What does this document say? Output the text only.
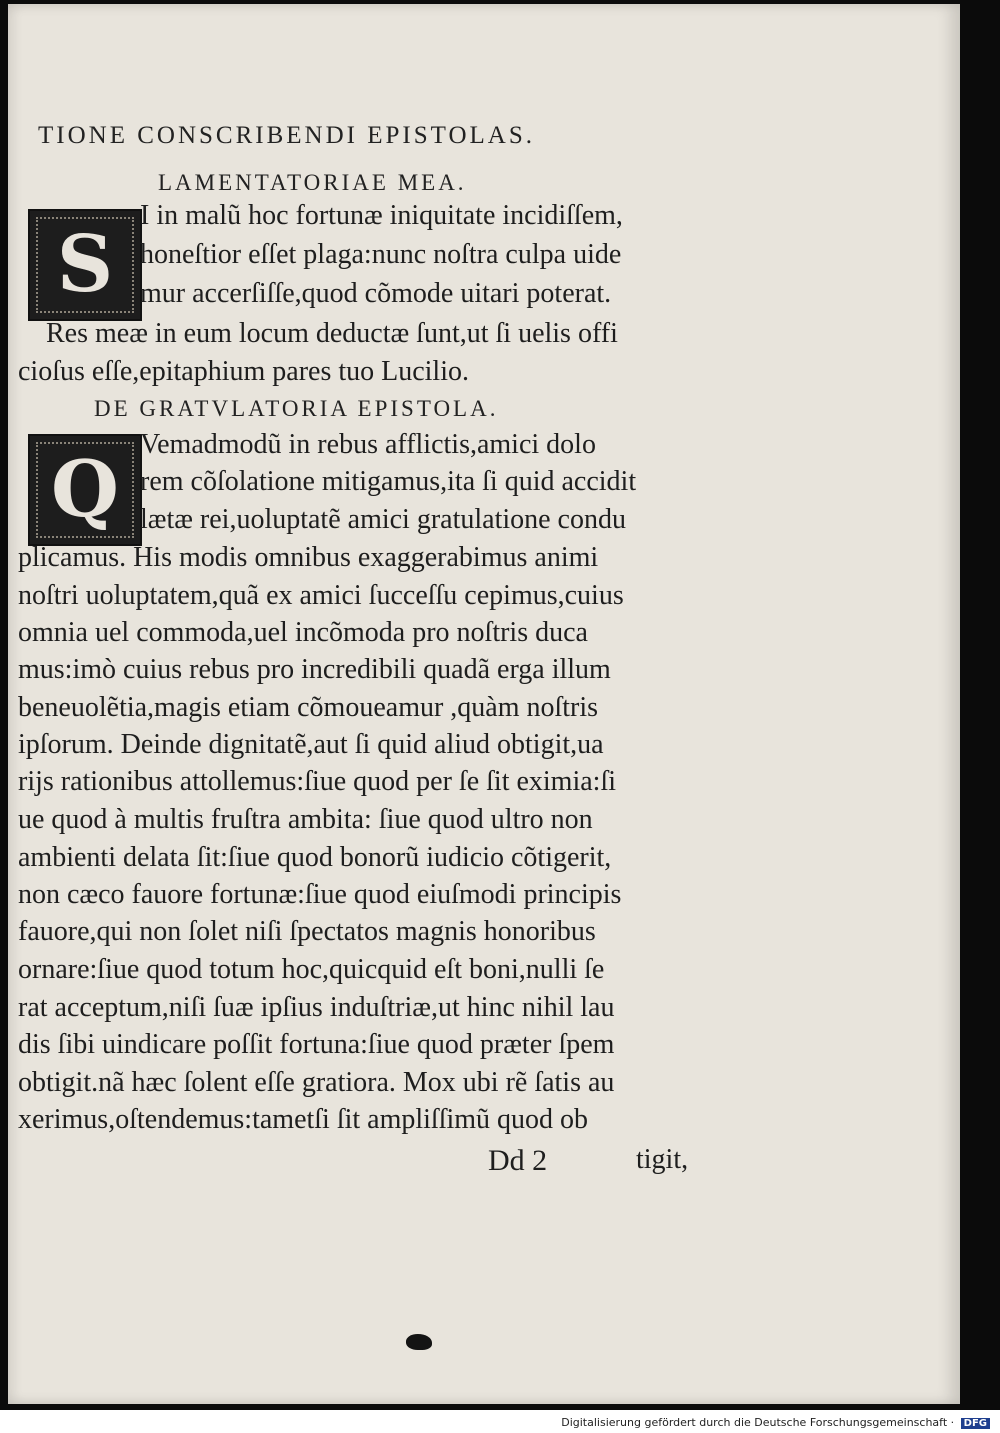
TIONE CONSCRIBENDI EPISTOLAS.
LAMENTATORIAE MEA.
S
I in malũ hoc fortunæ iniquitate incidiſſem,
honeſtior eſſet plaga:nunc noſtra culpa uide
mur accerſiſſe,quod cõmode uitari poterat.
Res meæ in eum locum deductæ ſunt,ut ſi uelis offi
cioſus eſſe,epitaphium pares tuo Lucilio.
DE GRATVLATORIA EPISTOLA.
Q Vemadmodũ in rebus afflictis,amici dolo
rem cõſolatione mitigamus,ita ſi quid accidit
lætæ rei,uoluptatẽ amici gratulatione condu
plicamus. His modis omnibus exaggerabimus animi
noſtri uoluptatem,quã ex amici ſucceſſu cepimus,cuius
omnia uel commoda,uel incõmoda pro noſtris duca
mus:imò cuius rebus pro incredibili quadã erga illum
beneuolẽtia,magis etiam cõmoueamur ,quàm noſtris
ipſorum. Deinde dignitatẽ,aut ſi quid aliud obtigit,ua
rijs rationibus attollemus:ſiue quod per ſe ſit eximia:ſi
ue quod à multis fruſtra ambita: ſiue quod ultro non
ambienti delata ſit:ſiue quod bonorũ iudicio cõtigerit,
non cæco fauore fortunæ:ſiue quod eiuſmodi principis
fauore,qui non ſolet niſi ſpectatos magnis honoribus
ornare:ſiue quod totum hoc,quicquid eſt boni,nulli ſe
rat acceptum,niſi ſuæ ipſius induſtriæ,ut hinc nihil lau
dis ſibi uindicare poſſit fortuna:ſiue quod præter ſpem
obtigit.nã hæc ſolent eſſe gratiora. Mox ubi rẽ ſatis au
xerimus,oſtendemus:tametſi ſit ampliſſimũ quod ob
Dd 2	tigit,
Digitalisierung gefördert durch die Deutsche Forschungsgemeinschaft · DFG
